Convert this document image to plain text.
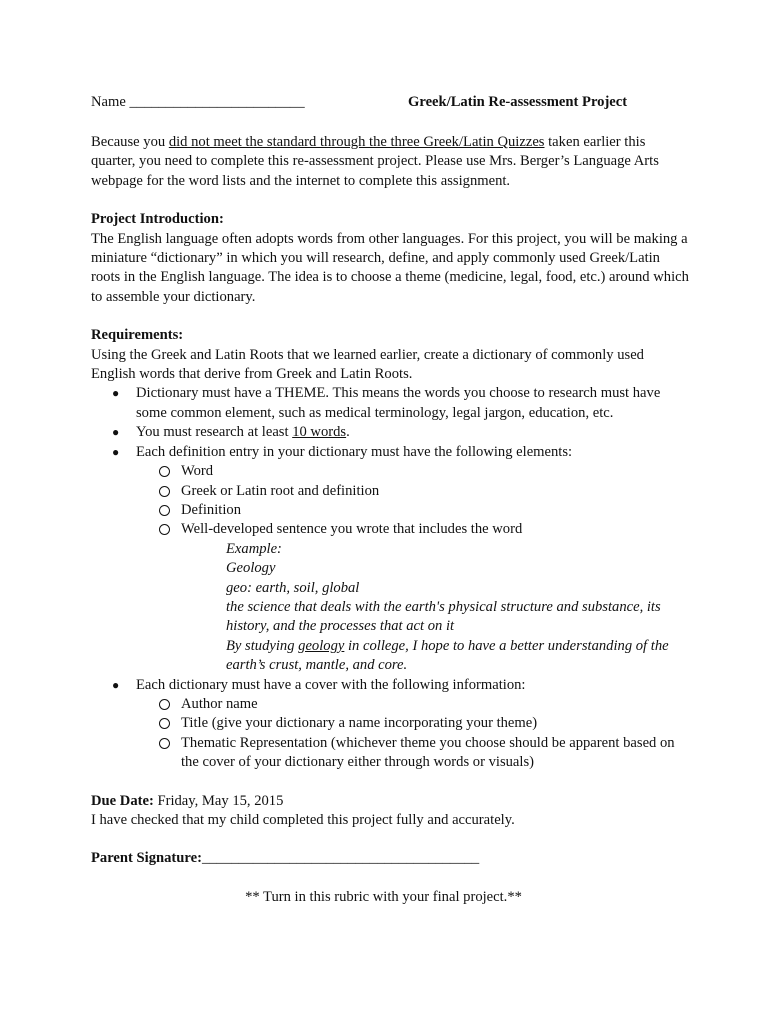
Name ________________________	Greek/Latin Re-assessment Project

Because you did not meet the standard through the three Greek/Latin Quizzes taken earlier this quarter, you need to complete this re-assessment project. Please use Mrs. Berger’s Language Arts webpage for the word lists and the internet to complete this assignment.

Project Introduction:

The English language often adopts words from other languages. For this project, you will be making a miniature “dictionary” in which you will research, define, and apply commonly used Greek/Latin roots in the English language. The idea is to choose a theme (medicine, legal, food, etc.) around which to assemble your dictionary.

Requirements:

Using the Greek and Latin Roots that we learned earlier, create a dictionary of commonly used English words that derive from Greek and Latin Roots.

● Dictionary must have a THEME. This means the words you choose to research must have some common element, such as medical terminology, legal jargon, education, etc.
● You must research at least 10 words.
● Each definition entry in your dictionary must have the following elements:
Word
Greek or Latin root and definition
Definition
Well-developed sentence you wrote that includes the word

Example:

Geology

geo: earth, soil, global

the science that deals with the earth's physical structure and substance, its history, and the processes that act on it

By studying geology in college, I hope to have a better understanding of the earth’s crust, mantle, and core.

● Each dictionary must have a cover with the following information:
Author name
Title (give your dictionary a name incorporating your theme)
Thematic Representation (whichever theme you choose should be apparent based on the cover of your dictionary either through words or visuals)

Due Date: Friday, May 15, 2015

I have checked that my child completed this project fully and accurately.

Parent Signature:______________________________________

** Turn in this rubric with your final project.**
